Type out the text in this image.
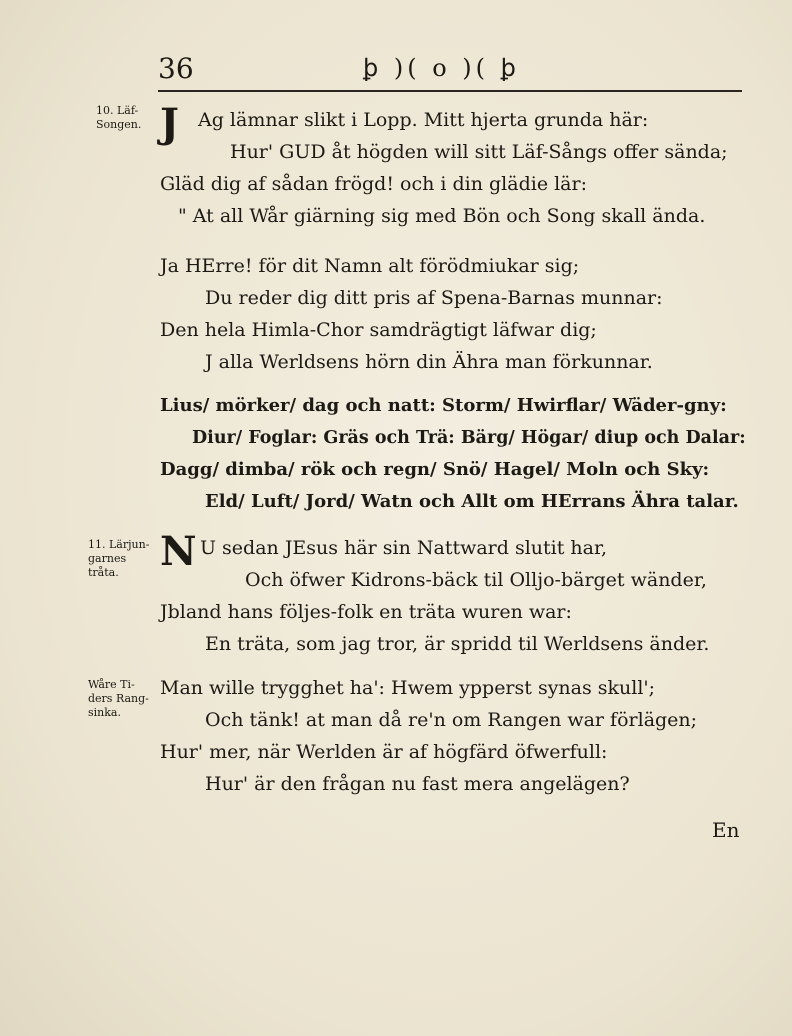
36	ꝧ )( o )( ꝧ
10. Läf-
Songen.
11. Lärjun-
garnes
tråta.
Wåre Ti-
ders Rang-
sinka.
J Ag lämnar slikt i Lopp. Mitt hjerta grunda här:
Hur' GUD åt högden will sitt Läf-Sångs offer sända;
Gläd dig af sådan frögd! och i din glädie lär:
" At all Wår giärning sig med Bön och Song skall ända.
Ja HErre! för dit Namn alt förödmiukar sig;
Du reder dig ditt pris af Spena-Barnas munnar:
Den hela Himla-Chor samdrägtigt läfwar dig;
J alla Werldsens hörn din Ähra man förkunnar.
Lius/ mörker/ dag och natt: Storm/ Hwirflar/ Wäder-gny:
Diur/ Foglar: Gräs och Trä: Bärg/ Högar/ diup och Dalar:
Dagg/ dimba/ rök och regn/ Snö/ Hagel/ Moln och Sky:
Eld/ Luft/ Jord/ Watn och Allt om HErrans Ähra talar.
N U sedan JEsus här sin Nattward slutit har,
Och öfwer Kidrons-bäck til Olljo-bärget wänder,
Jbland hans följes-folk en träta wuren war:
En träta, som jag tror, är spridd til Werldsens änder.
Man wille trygghet ha': Hwem ypperst synas skull';
Och tänk! at man då re'n om Rangen war förlägen;
Hur' mer, när Werlden är af högfärd öfwerfull:
Hur' är den frågan nu fast mera angelägen?
En
